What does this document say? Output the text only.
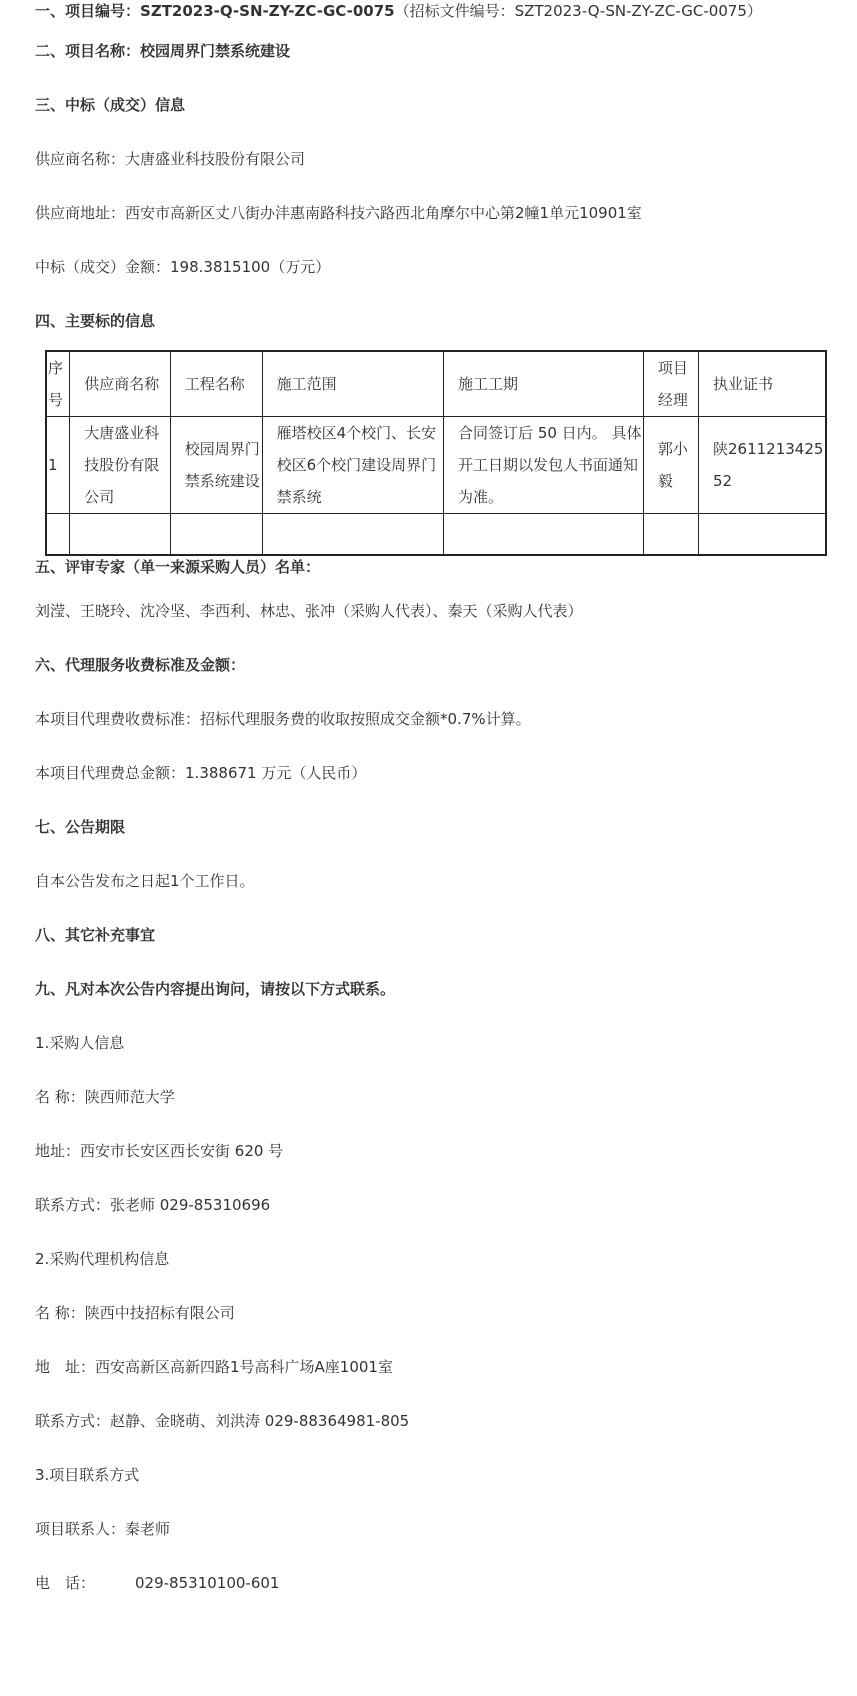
一、项目编号：SZT2023-Q-SN-ZY-ZC-GC-0075（招标文件编号：SZT2023-Q-SN-ZY-ZC-GC-0075）
二、项目名称：校园周界门禁系统建设
三、中标（成交）信息
供应商名称：大唐盛业科技股份有限公司
供应商地址：西安市高新区丈八街办沣惠南路科技六路西北角摩尔中心第2幢1单元10901室
中标（成交）金额：198.3815100（万元）
四、主要标的信息
序号	供应商名称	工程名称	施工范围	施工工期	项目经理	执业证书
1	大唐盛业科技股份有限公司	校园周界门禁系统建设	雁塔校区4个校门、长安校区6个校门建设周界门禁系统	合同签订后 50 日内。 具体开工日期以发包人书面通知为准。	郭小毅	陕261121342552

五、评审专家（单一来源采购人员）名单：
刘滢、王晓玲、沈冷坚、李西利、林忠、张冲（采购人代表）、秦天（采购人代表）
六、代理服务收费标准及金额：
本项目代理费收费标准：招标代理服务费的收取按照成交金额*0.7%计算。
本项目代理费总金额：1.388671 万元（人民币）
七、公告期限
自本公告发布之日起1个工作日。
八、其它补充事宜
九、凡对本次公告内容提出询问，请按以下方式联系。
1.采购人信息
名 称：陕西师范大学
地址：西安市长安区西长安街 620 号
联系方式：张老师 029-85310696
2.采购代理机构信息
名 称：陕西中技招标有限公司
地　址：西安高新区高新四路1号高科广场A座1001室
联系方式：赵静、金晓萌、刘洪涛 029-88364981-805
3.项目联系方式
项目联系人：秦老师
电　话：	029-85310100-601
